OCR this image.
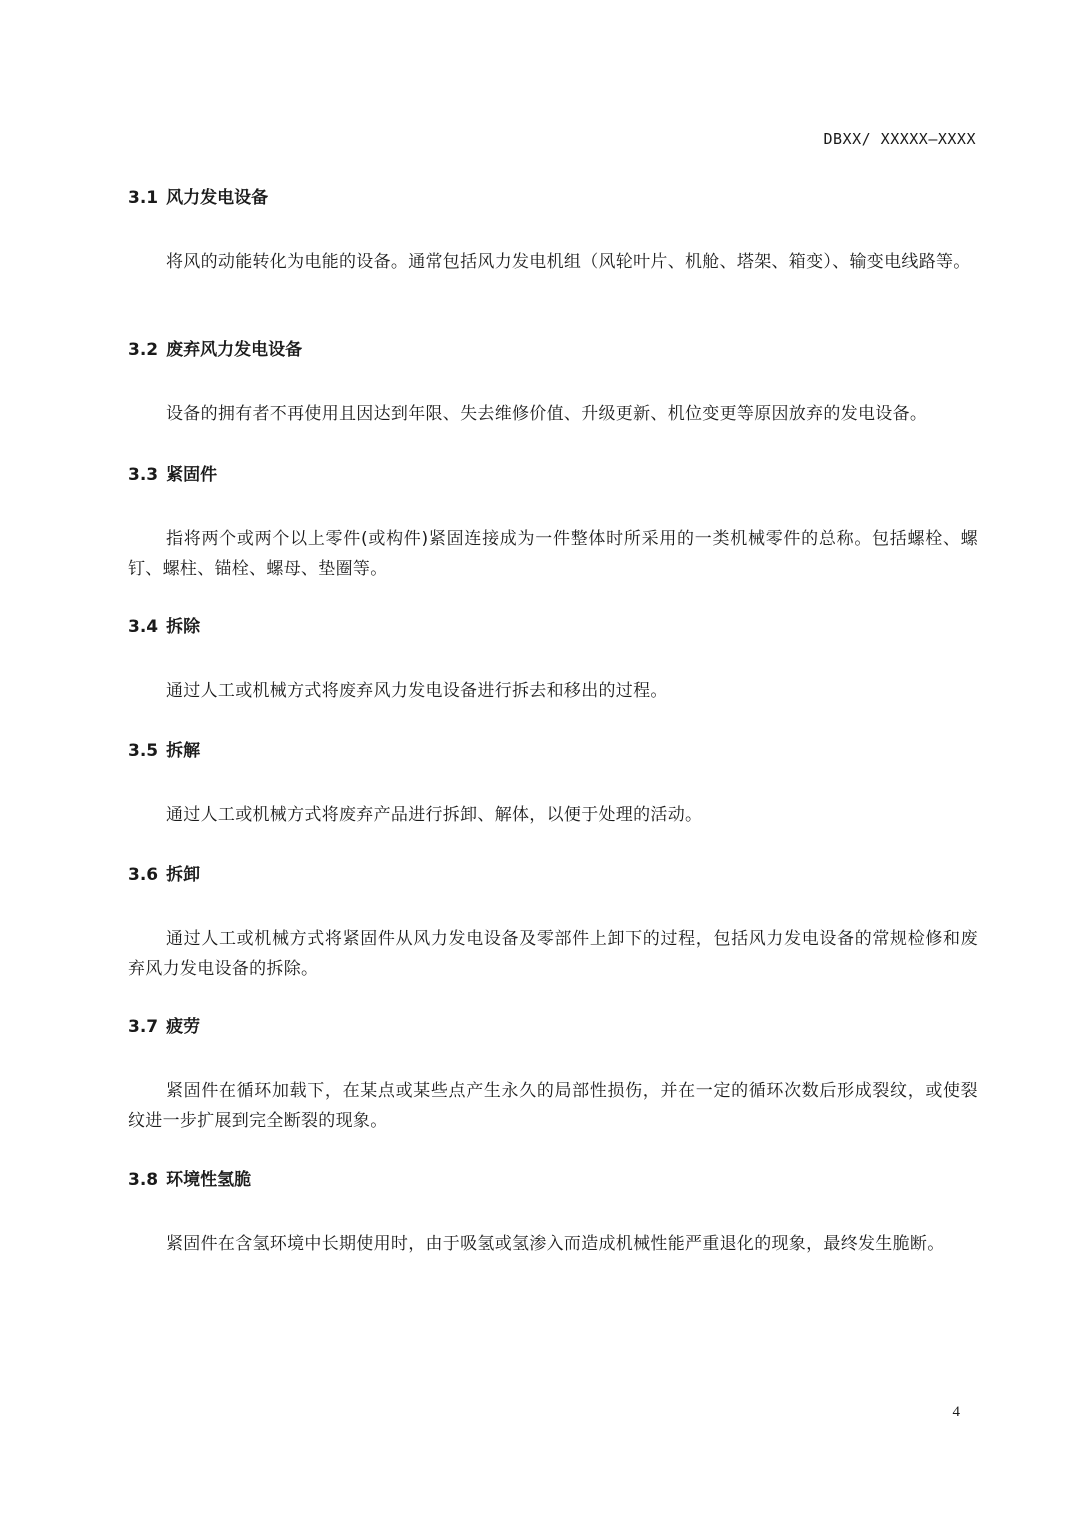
DBXX/ XXXXX—XXXX
3.1 风力发电设备
将风的动能转化为电能的设备。通常包括风力发电机组（风轮叶片、机舱、塔架、箱变）、输变电线路等。
3.2 废弃风力发电设备
设备的拥有者不再使用且因达到年限、失去维修价值、升级更新、机位变更等原因放弃的发电设备。
3.3 紧固件
指将两个或两个以上零件(或构件)紧固连接成为一件整体时所采用的一类机械零件的总称。包括螺栓、螺钉、螺柱、锚栓、螺母、垫圈等。
3.4 拆除
通过人工或机械方式将废弃风力发电设备进行拆去和移出的过程。
3.5 拆解
通过人工或机械方式将废弃产品进行拆卸、解体，以便于处理的活动。
3.6 拆卸
通过人工或机械方式将紧固件从风力发电设备及零部件上卸下的过程，包括风力发电设备的常规检修和废弃风力发电设备的拆除。
3.7 疲劳
紧固件在循环加载下，在某点或某些点产生永久的局部性损伤，并在一定的循环次数后形成裂纹，或使裂纹进一步扩展到完全断裂的现象。
3.8 环境性氢脆
紧固件在含氢环境中长期使用时，由于吸氢或氢渗入而造成机械性能严重退化的现象，最终发生脆断。
4
